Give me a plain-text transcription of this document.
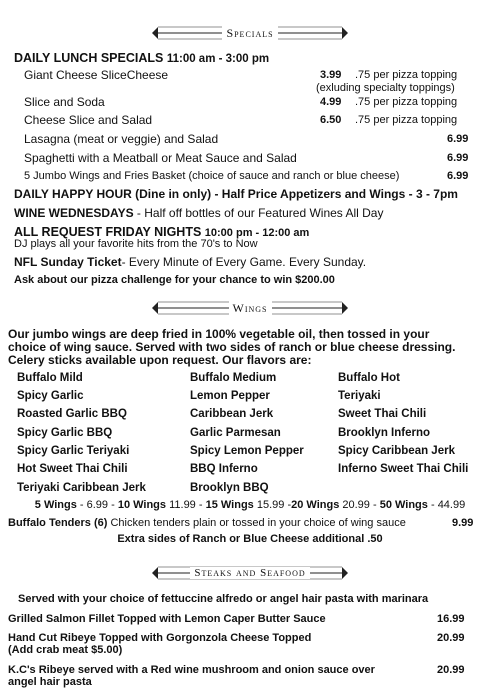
Specials
DAILY LUNCH SPECIALS 11:00 am - 3:00 pm
Giant Cheese SliceCheese	3.99 .75 per pizza topping
(exluding specialty toppings)
Slice and Soda	4.99 .75 per pizza topping
Cheese Slice and Salad	6.50 .75 per pizza topping
Lasagna (meat or veggie) and Salad	6.99
Spaghetti with a Meatball or Meat Sauce and Salad	6.99
5 Jumbo Wings and Fries Basket (choice of sauce and ranch or blue cheese)	6.99
DAILY HAPPY HOUR (Dine in only) - Half Price Appetizers and Wings - 3 - 7pm
WINE WEDNESDAYS - Half off bottles of our Featured Wines All Day
ALL REQUEST FRIDAY NIGHTS 10:00 pm - 12:00 am
DJ plays all your favorite hits from the 70's to Now
NFL Sunday Ticket- Every Minute of Every Game. Every Sunday.
Ask about our pizza challenge for your chance to win $200.00
Wings
Our jumbo wings are deep fried in 100% vegetable oil, then tossed in your
choice of wing sauce. Served with two sides of ranch or blue cheese dressing.
Celery sticks available upon request. Our flavors are:
Buffalo Mild	Buffalo Medium	Buffalo Hot
Spicy Garlic	Lemon Pepper	Teriyaki
Roasted Garlic BBQ	Caribbean Jerk	Sweet Thai Chili
Spicy Garlic BBQ	Garlic Parmesan	Brooklyn Inferno
Spicy Garlic Teriyaki	Spicy Lemon Pepper	Spicy Caribbean Jerk
Hot Sweet Thai Chili	BBQ Inferno	Inferno Sweet Thai Chili
Teriyaki Caribbean Jerk	Brooklyn BBQ
5 Wings - 6.99 - 10 Wings 11.99 - 15 Wings 15.99 -20 Wings 20.99 - 50 Wings - 44.99
Buffalo Tenders (6) Chicken tenders plain or tossed in your choice of wing sauce	9.99
Extra sides of Ranch or Blue Cheese additional .50
Steaks and Seafood
Served with your choice of fettuccine alfredo or angel hair pasta with marinara
Grilled Salmon Fillet Topped with Lemon Caper Butter Sauce	16.99
Hand Cut Ribeye Topped with Gorgonzola Cheese Topped
(Add crab meat $5.00)
20.99
K.C's Ribeye served with a Red wine mushroom and onion sauce over
angel hair pasta
20.99
